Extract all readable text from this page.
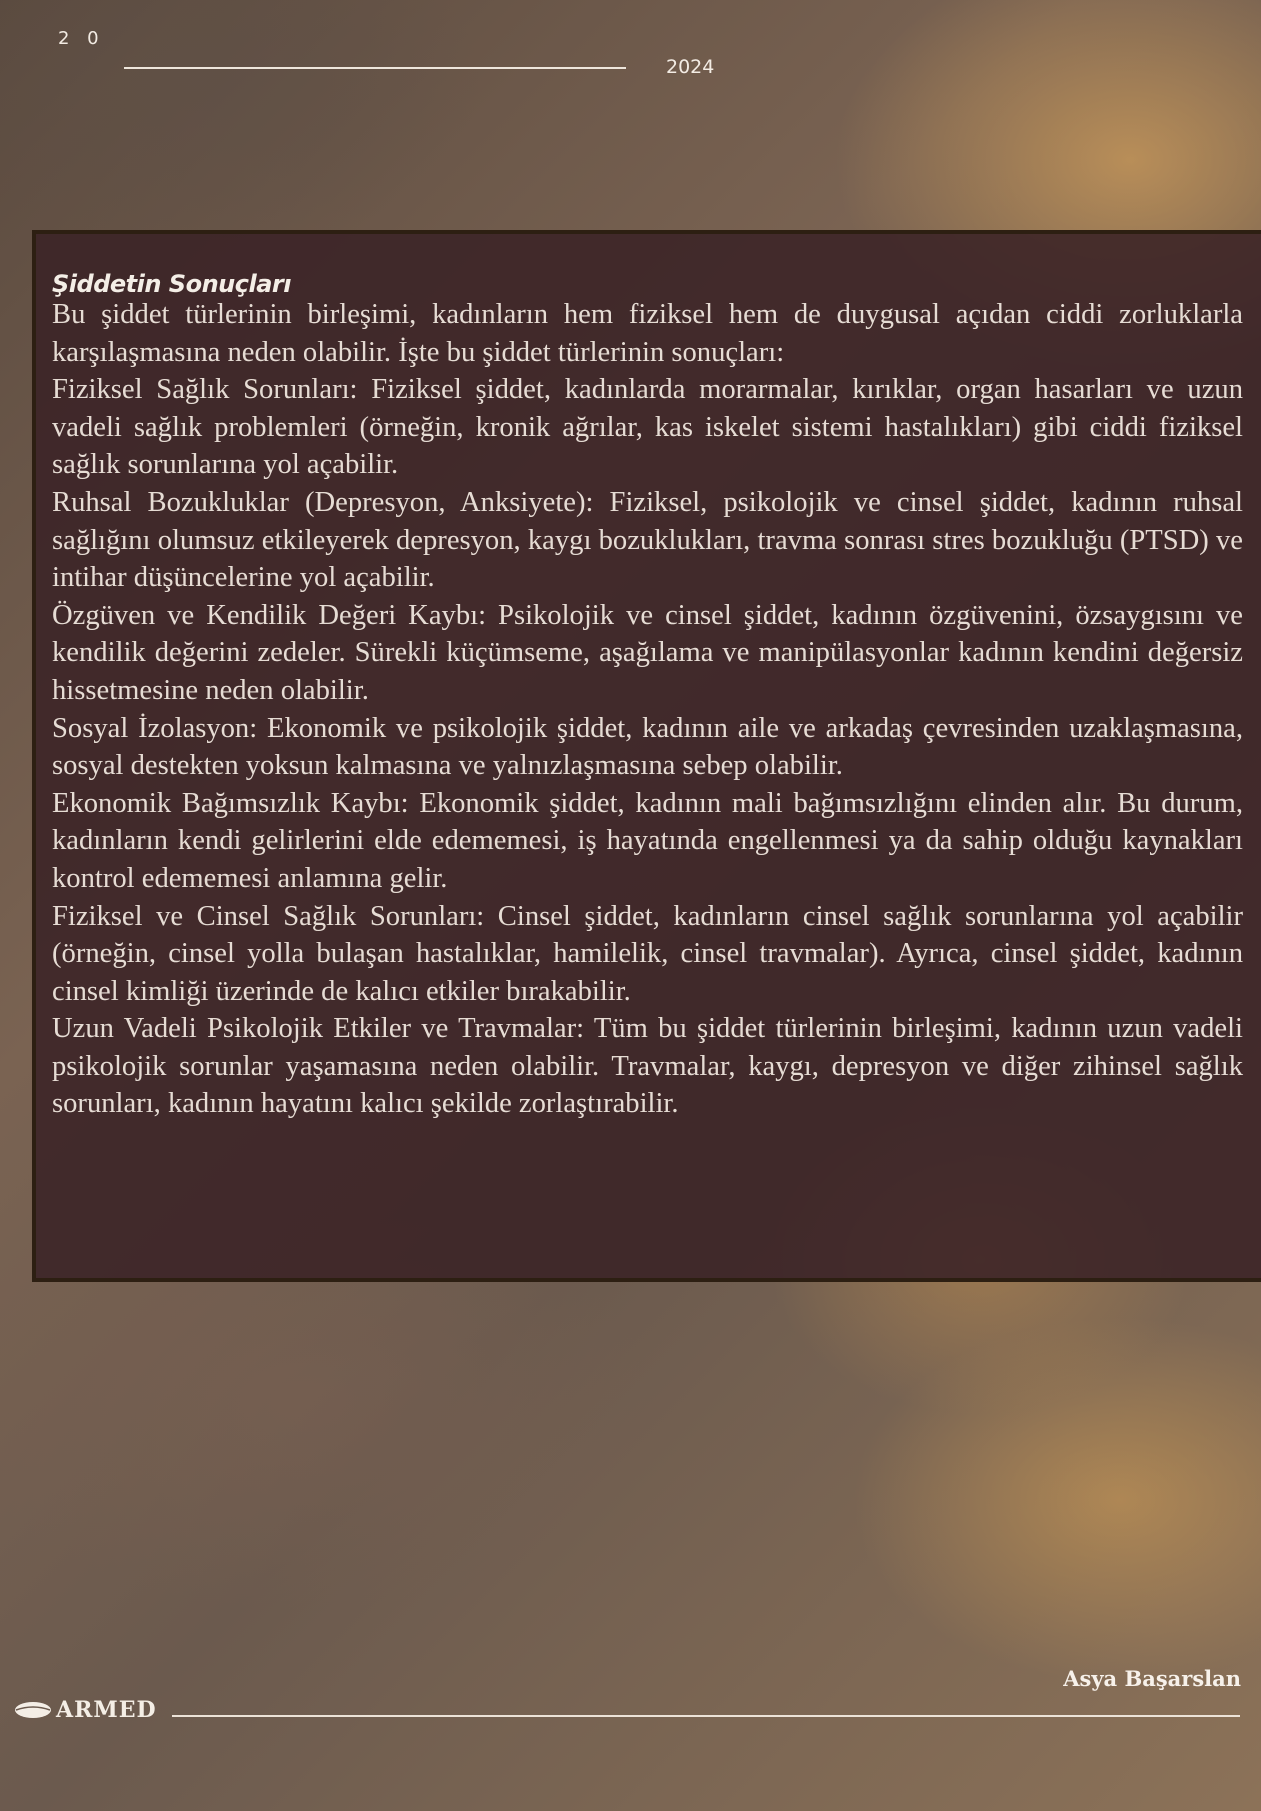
2 0
2024
Şiddetin Sonuçları

Bu şiddet türlerinin birleşimi, kadınların hem fiziksel hem de duygusal açıdan ciddi zorluklarla karşılaşmasına neden olabilir. İşte bu şiddet türlerinin sonuçları:

Fiziksel Sağlık Sorunları: Fiziksel şiddet, kadınlarda morarmalar, kırıklar, organ hasarları ve uzun vadeli sağlık problemleri (örneğin, kronik ağrılar, kas iskelet sistemi hastalıkları) gibi ciddi fiziksel sağlık sorunlarına yol açabilir.

Ruhsal Bozukluklar (Depresyon, Anksiyete): Fiziksel, psikolojik ve cinsel şiddet, kadının ruhsal sağlığını olumsuz etkileyerek depresyon, kaygı bozuklukları, travma sonrası stres bozukluğu (PTSD) ve intihar düşüncelerine yol açabilir.

Özgüven ve Kendilik Değeri Kaybı: Psikolojik ve cinsel şiddet, kadının özgüvenini, özsaygısını ve kendilik değerini zedeler. Sürekli küçümseme, aşağılama ve manipülasyonlar kadının kendini değersiz hissetmesine neden olabilir.

Sosyal İzolasyon: Ekonomik ve psikolojik şiddet, kadının aile ve arkadaş çevresinden uzaklaşmasına, sosyal destekten yoksun kalmasına ve yalnızlaşmasına sebep olabilir.

Ekonomik Bağımsızlık Kaybı: Ekonomik şiddet, kadının mali bağımsızlığını elinden alır. Bu durum, kadınların kendi gelirlerini elde edememesi, iş hayatında engellenmesi ya da sahip olduğu kaynakları kontrol edememesi anlamına gelir.

Fiziksel ve Cinsel Sağlık Sorunları: Cinsel şiddet, kadınların cinsel sağlık sorunlarına yol açabilir (örneğin, cinsel yolla bulaşan hastalıklar, hamilelik, cinsel travmalar). Ayrıca, cinsel şiddet, kadının cinsel kimliği üzerinde de kalıcı etkiler bırakabilir.

Uzun Vadeli Psikolojik Etkiler ve Travmalar: Tüm bu şiddet türlerinin birleşimi, kadının uzun vadeli psikolojik sorunlar yaşamasına neden olabilir. Travmalar, kaygı, depresyon ve diğer zihinsel sağlık sorunları, kadının hayatını kalıcı şekilde zorlaştırabilir.

Asya Başarslan
ARMED
